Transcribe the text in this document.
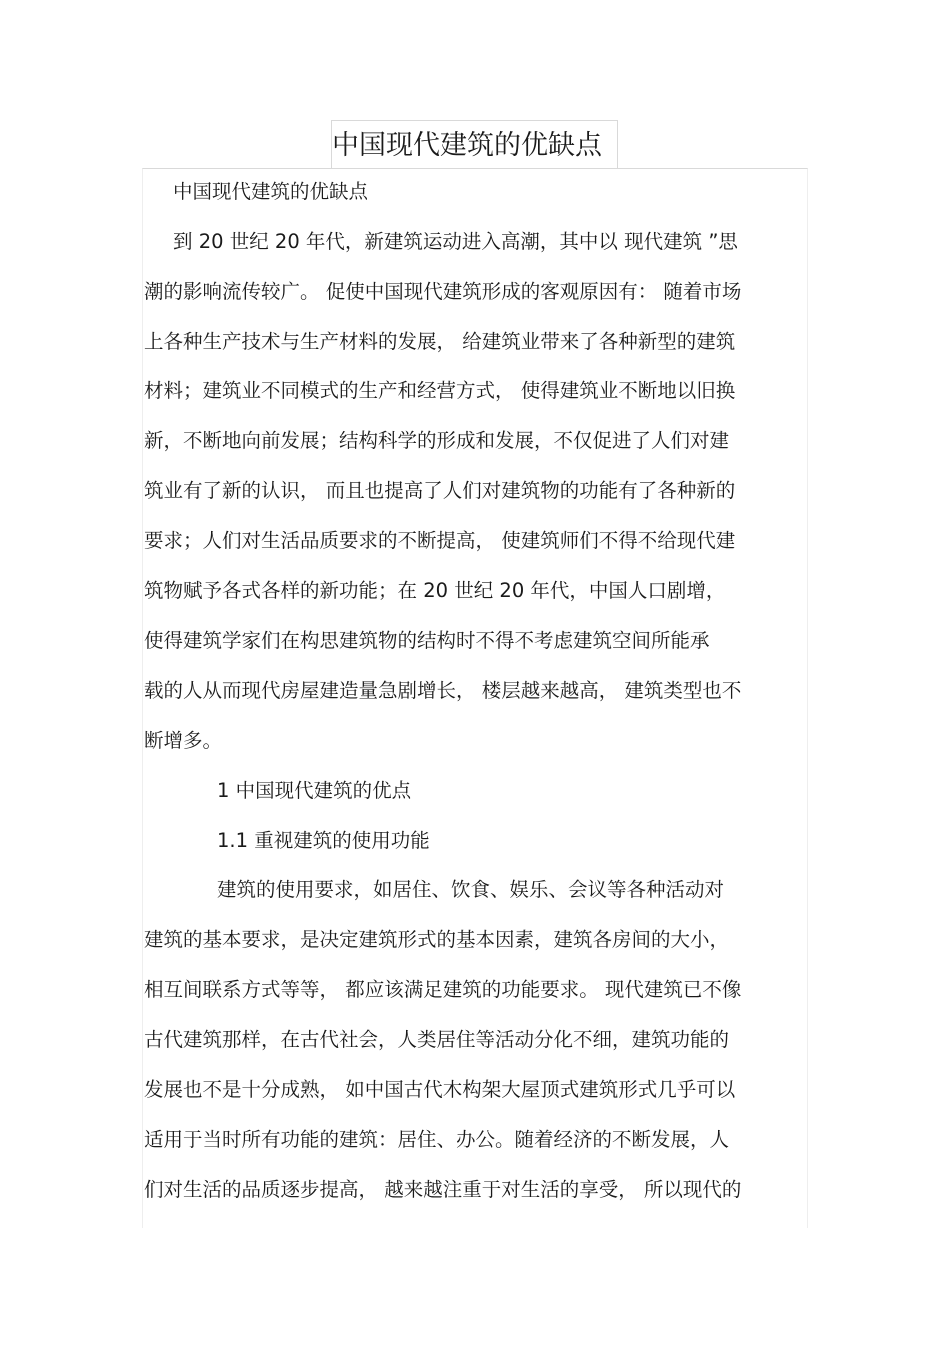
中国现代建筑的优缺点
中国现代建筑的优缺点
到 20 世纪 20 年代，新建筑运动进入高潮，其中以 现代建筑 ”思
潮的影响流传较广。 促使中国现代建筑形成的客观原因有： 随着市场
上各种生产技术与生产材料的发展， 给建筑业带来了各种新型的建筑
材料；建筑业不同模式的生产和经营方式， 使得建筑业不断地以旧换
新，不断地向前发展；结构科学的形成和发展，不仅促进了人们对建
筑业有了新的认识， 而且也提高了人们对建筑物的功能有了各种新的
要求；人们对生活品质要求的不断提高， 使建筑师们不得不给现代建
筑物赋予各式各样的新功能；在 20 世纪 20 年代，中国人口剧增，
使得建筑学家们在构思建筑物的结构时不得不考虑建筑空间所能承
载的人从而现代房屋建造量急剧增长， 楼层越来越高， 建筑类型也不
断增多。
1 中国现代建筑的优点
1.1 重视建筑的使用功能
建筑的使用要求，如居住、饮食、娱乐、会议等各种活动对
建筑的基本要求，是决定建筑形式的基本因素，建筑各房间的大小，
相互间联系方式等等， 都应该满足建筑的功能要求。 现代建筑已不像
古代建筑那样，在古代社会，人类居住等活动分化不细，建筑功能的
发展也不是十分成熟， 如中国古代木构架大屋顶式建筑形式几乎可以
适用于当时所有功能的建筑：居住、办公。随着经济的不断发展，人
们对生活的品质逐步提高， 越来越注重于对生活的享受， 所以现代的
